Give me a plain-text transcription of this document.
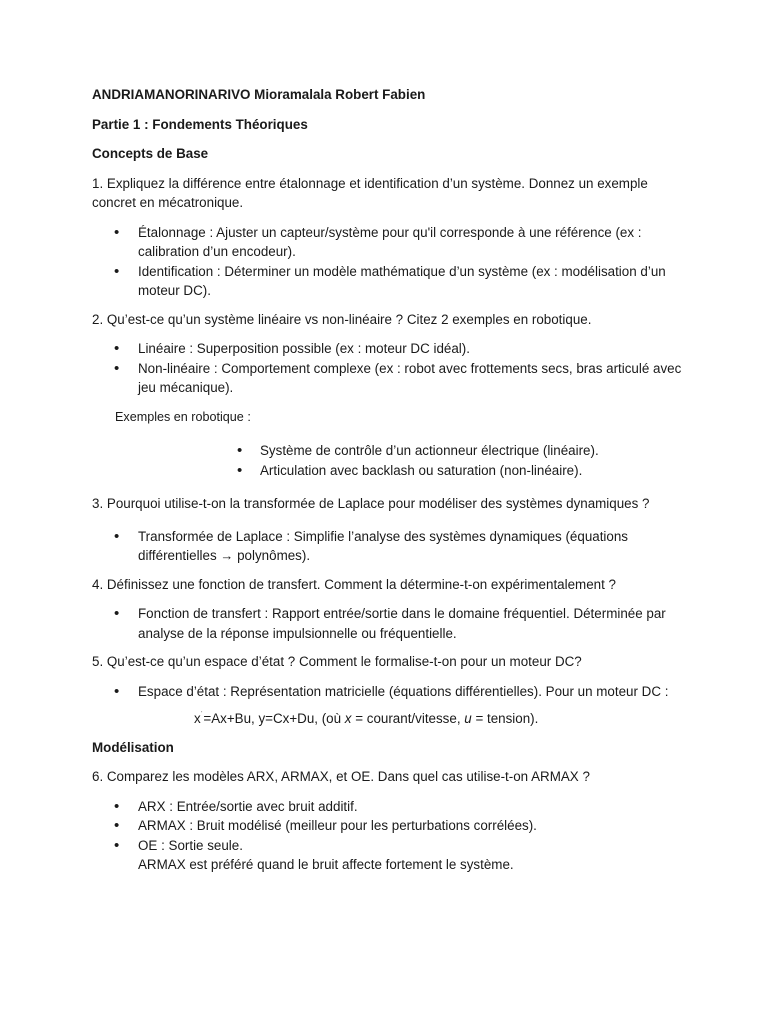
ANDRIAMANORINARIVO Mioramalala Robert Fabien

Partie 1 : Fondements Théoriques

Concepts de Base

1. Expliquez la différence entre étalonnage et identification d’un système. Donnez un exemple concret en mécatronique.

• Étalonnage : Ajuster un capteur/système pour qu'il corresponde à une référence (ex : calibration d’un encodeur).
• Identification : Déterminer un modèle mathématique d’un système (ex : modélisation d’un moteur DC).

2. Qu’est-ce qu’un système linéaire vs non-linéaire ? Citez 2 exemples en robotique.

• Linéaire : Superposition possible (ex : moteur DC idéal).
• Non-linéaire : Comportement complexe (ex : robot avec frottements secs, bras articulé avec jeu mécanique).

Exemples en robotique :

• Système de contrôle d’un actionneur électrique (linéaire).
• Articulation avec backlash ou saturation (non-linéaire).

3. Pourquoi utilise-t-on la transformée de Laplace pour modéliser des systèmes dynamiques ?

• Transformée de Laplace : Simplifie l’analyse des systèmes dynamiques (équations différentielles → polynômes).

4. Définissez une fonction de transfert. Comment la détermine-t-on expérimentalement ?

• Fonction de transfert : Rapport entrée/sortie dans le domaine fréquentiel. Déterminée par analyse de la réponse impulsionnelle ou fréquentielle.

5. Qu’est-ce qu’un espace d’état ? Comment le formalise-t-on pour un moteur DC?

• Espace d’état : Représentation matricielle (équations différentielles). Pour un moteur DC :

x˙=Ax+Bu, y=Cx+Du, (où x = courant/vitesse, u = tension).

Modélisation

6. Comparez les modèles ARX, ARMAX, et OE. Dans quel cas utilise-t-on ARMAX ?

• ARX : Entrée/sortie avec bruit additif.
• ARMAX : Bruit modélisé (meilleur pour les perturbations corrélées).
• OE : Sortie seule.
ARMAX est préféré quand le bruit affecte fortement le système.
